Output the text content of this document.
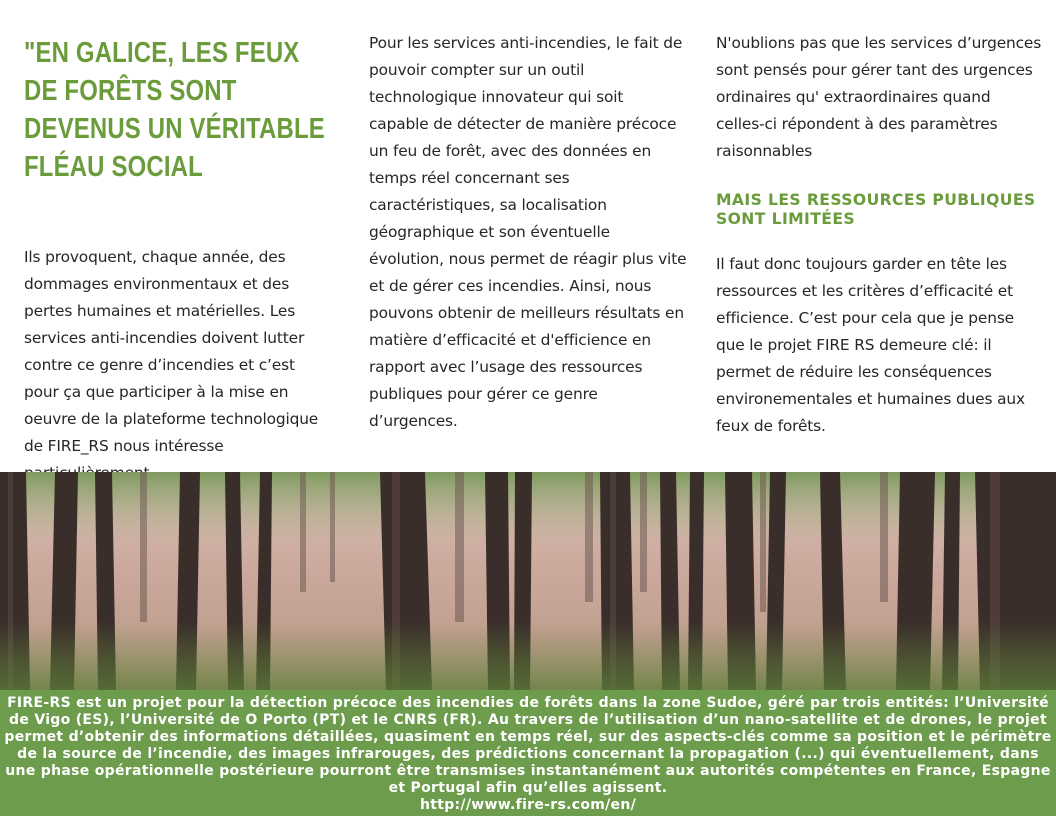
"EN GALICE, LES FEUX DE FORÊTS SONT DEVENUS UN VÉRITABLE FLÉAU SOCIAL

Ils provoquent, chaque année, des dommages environmentaux et des pertes humaines et matérielles. Les services anti-incendies doivent lutter contre ce genre d’incendies et c’est pour ça que participer à la mise en oeuvre de la plateforme technologique de FIRE_RS nous intéresse

Pour les services anti-incendies, le fait de pouvoir compter sur un outil technologique innovateur qui soit capable de détecter de manière précoce un feu de forêt, avec des données en temps réel concernant ses caractéristiques, sa localisation géographique et son éventuelle évolution, nous permet de réagir plus vite et de gérer ces incendies. Ainsi, nous pouvons obtenir de meilleurs résultats en matière d’efficacité et d'efficience en rapport avec l’usage des ressources publiques pour gérer ce genre d’urgences.

N'oublions pas que les services d’urgences sont pensés pour gérer tant des urgences ordinaires qu' extraordinaires quand celles-ci répondent à des paramètres raisonnables

MAIS LES RESSOURCES PUBLIQUES SONT LIMITÉES

Il faut donc toujours garder en tête les ressources et les critères d’efficacité et efficience. C’est pour cela que je pense que le projet FIRE RS demeure clé: il permet de réduire les conséquences environementales et humaines dues aux feux de forêts.

FIRE-RS est un projet pour la détection précoce des incendies de forêts dans la zone Sudoe, géré par trois entités: l’Université de Vigo (ES), l’Université de O Porto (PT) et le CNRS (FR). Au travers de l’utilisation d’un nano-satellite et de drones, le projet permet d’obtenir des informations détaillées, quasiment en temps réel, sur des aspects-clés comme sa position et le périmètre de la source de l’incendie, des images infrarouges, des prédictions concernant la propagation (...) qui éventuellement, dans une phase opérationnelle postérieure pourront être transmises instantanément aux autorités compétentes en France, Espagne et Portugal afin qu’elles agissent.

http://www.fire-rs.com/en/
